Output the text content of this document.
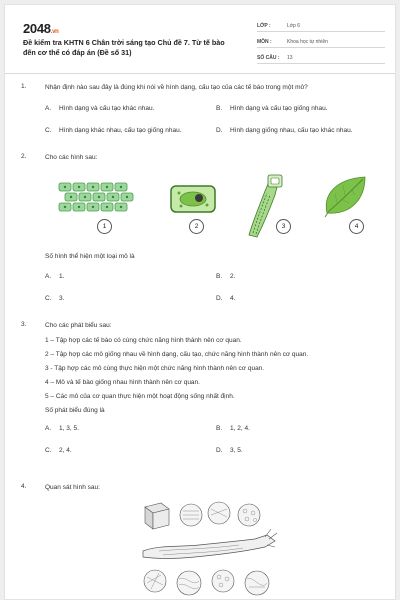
2048.vn
Đề kiểm tra KHTN 6 Chân trời sáng tạo Chủ đề 7. Từ tế bào đến cơ thể có đáp án (Đề số 31)
LỚP :	Lớp 6
MÔN :	Khoa học tự nhiên
SỐ CÂU :	13
1.	Nhận định nào sau đây là đúng khi nói về hình dạng, cấu tạo của các tế bào trong một mô?
A. Hình dạng và cấu tạo khác nhau.	B. Hình dạng và cấu tạo giống nhau.
C. Hình dạng khác nhau, cấu tạo giống nhau.	D. Hình dạng giống nhau, cấu tạo khác nhau.
2.	Cho các hình sau:
1	2	3	4
Số hình thể hiện một loại mô là
A. 1.	B. 2.
C. 3.	D. 4.
3.	Cho các phát biểu sau:
1 – Tập hợp các tế bào có cùng chức năng hình thành nên cơ quan.
2 – Tập hợp các mô giống nhau về hình dạng, cấu tạo, chức năng hình thành nên cơ quan.
3 - Tập hợp các mô cùng thực hiện một chức năng hình thành nên cơ quan.
4 – Mô và tế bào giống nhau hình thành nên cơ quan.
5 – Các mô của cơ quan thực hiện một hoạt động sống nhất định.
Số phát biểu đúng là
A. 1, 3, 5.	B. 1, 2, 4.
C. 2, 4.	D. 3, 5.
4.	Quan sát hình sau:
